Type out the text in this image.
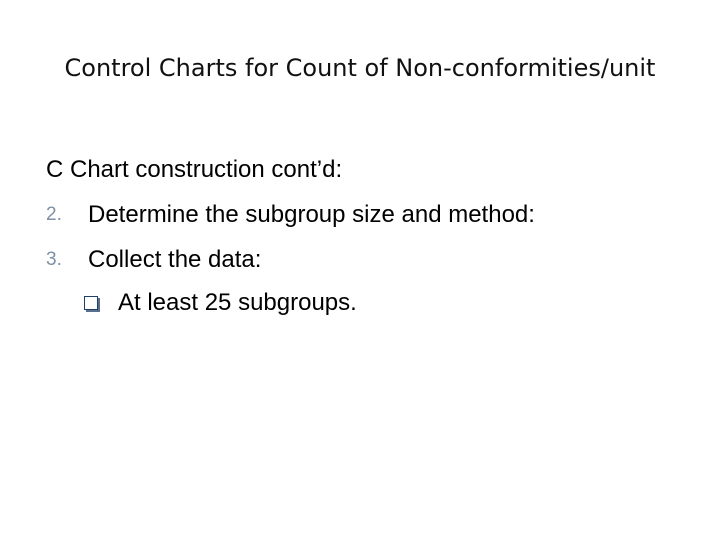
Control Charts for Count of Non-conformities/unit
C Chart construction cont’d:
2.	Determine the subgroup size and method:
3.	Collect the data:
At least 25 subgroups.
